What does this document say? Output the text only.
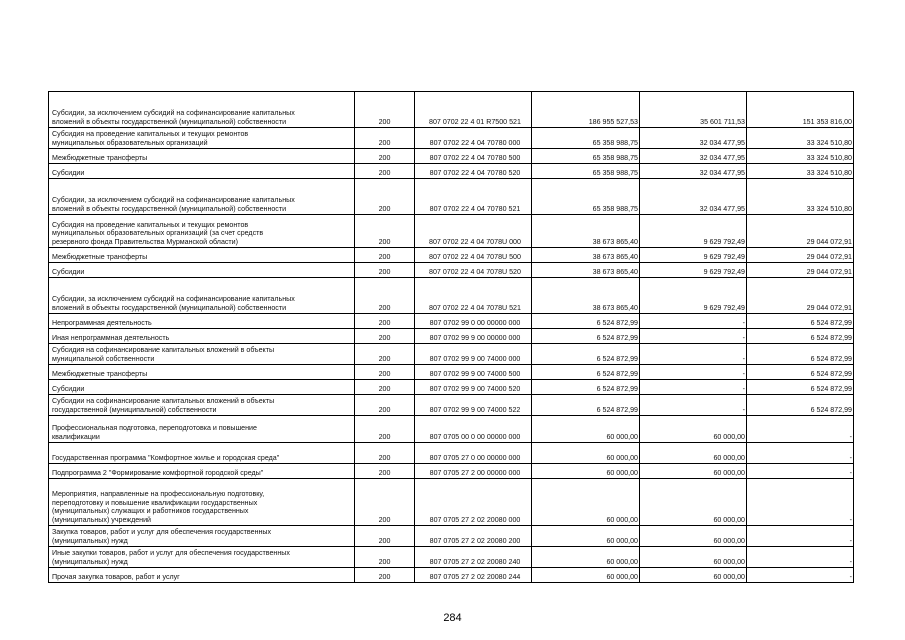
Субсидии, за исключением субсидий на софинансирование капитальных
вложений в объекты государственной (муниципальной) собственности	200	807 0702 22 4 01 R7500 521	186 955 527,53	35 601 711,53	151 353 816,00

Субсидия на проведение капитальных и текущих ремонтов
муниципальных образовательных организаций	200	807 0702 22 4 04 70780 000	65 358 988,75	32 034 477,95	33 324 510,80

Межбюджетные трансферты	200	807 0702 22 4 04 70780 500	65 358 988,75	32 034 477,95	33 324 510,80

Субсидии	200	807 0702 22 4 04 70780 520	65 358 988,75	32 034 477,95	33 324 510,80

Субсидии, за исключением субсидий на софинансирование капитальных
вложений в объекты государственной (муниципальной) собственности	200	807 0702 22 4 04 70780 521	65 358 988,75	32 034 477,95	33 324 510,80

Субсидия на проведение капитальных и текущих ремонтов
муниципальных образовательных организаций (за счет средств
резервного фонда Правительства Мурманской области)	200	807 0702 22 4 04 7078U 000	38 673 865,40	9 629 792,49	29 044 072,91

Межбюджетные трансферты	200	807 0702 22 4 04 7078U 500	38 673 865,40	9 629 792,49	29 044 072,91

Субсидии	200	807 0702 22 4 04 7078U 520	38 673 865,40	9 629 792,49	29 044 072,91

Субсидии, за исключением субсидий на софинансирование капитальных
вложений в объекты государственной (муниципальной) собственности	200	807 0702 22 4 04 7078U 521	38 673 865,40	9 629 792,49	29 044 072,91

Непрограммная деятельность	200	807 0702 99 0 00 00000 000	6 524 872,99	-	6 524 872,99

Иная непрограммная деятельность	200	807 0702 99 9 00 00000 000	6 524 872,99	-	6 524 872,99

Субсидия на софинансирование капитальных вложений в объекты
муниципальной собственности	200	807 0702 99 9 00 74000 000	6 524 872,99	-	6 524 872,99

Межбюджетные трансферты	200	807 0702 99 9 00 74000 500	6 524 872,99	-	6 524 872,99

Субсидии	200	807 0702 99 9 00 74000 520	6 524 872,99	-	6 524 872,99

Субсидии на софинансирование капитальных вложений в объекты
государственной (муниципальной) собственности	200	807 0702 99 9 00 74000 522	6 524 872,99	-	6 524 872,99

Профессиональная подготовка, переподготовка и повышение
квалификации	200	807 0705 00 0 00 00000 000	60 000,00	60 000,00	-

Государственная программа "Комфортное жилье и городская среда"	200	807 0705 27 0 00 00000 000	60 000,00	60 000,00	-

Подпрограмма 2 "Формирование комфортной городской среды"	200	807 0705 27 2 00 00000 000	60 000,00	60 000,00	-

Мероприятия, направленные на профессиональную подготовку,
переподготовку и повышение квалификации государственных
(муниципальных) служащих и работников государственных
(муниципальных) учреждений	200	807 0705 27 2 02 20080 000	60 000,00	60 000,00	-

Закупка товаров, работ и услуг для обеспечения государственных
(муниципальных) нужд	200	807 0705 27 2 02 20080 200	60 000,00	60 000,00	-

Иные закупки товаров, работ и услуг для обеспечения государственных
(муниципальных) нужд	200	807 0705 27 2 02 20080 240	60 000,00	60 000,00	-

Прочая закупка товаров, работ и услуг	200	807 0705 27 2 02 20080 244	60 000,00	60 000,00	-
284
